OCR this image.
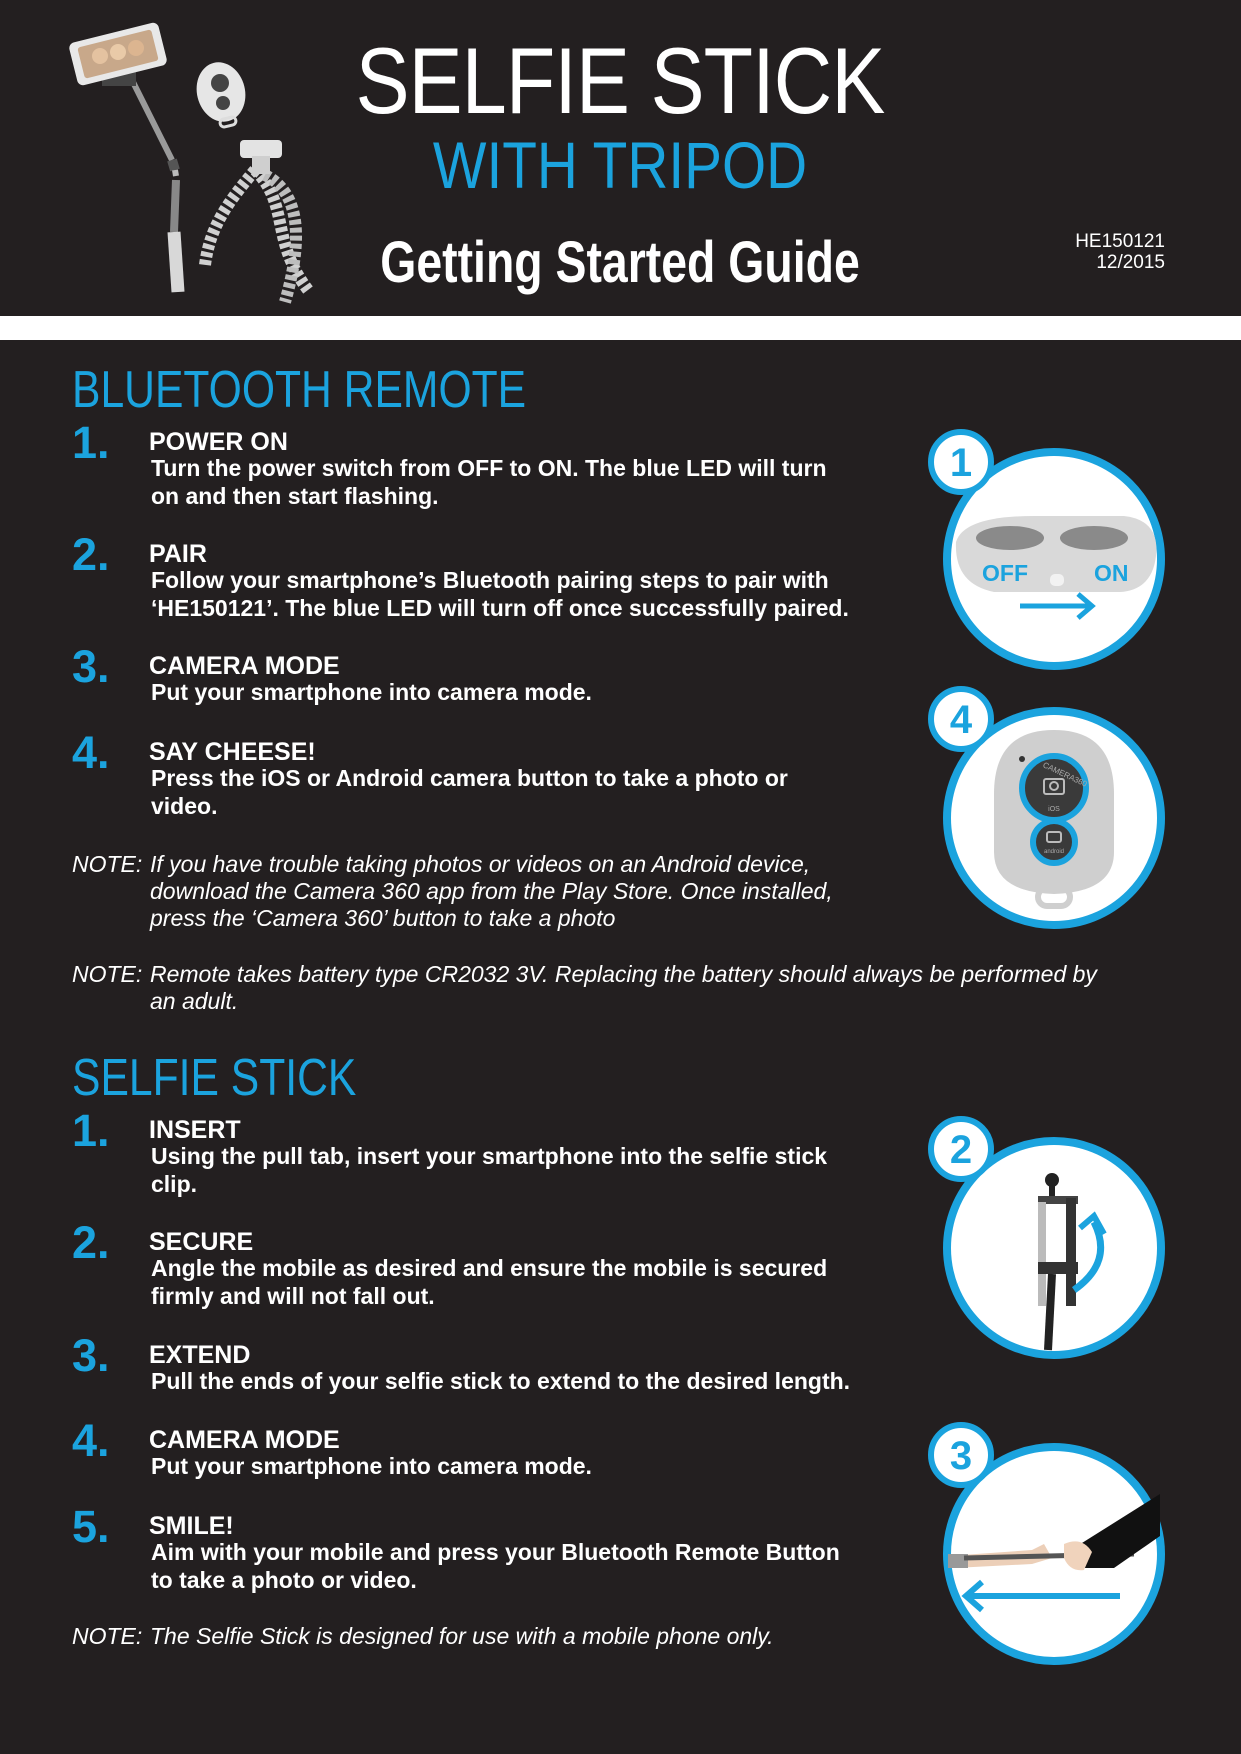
SELFIE STICK
WITH TRIPOD
Getting Started Guide	HE150121
12/2015
BLUETOOTH REMOTE
1. POWER ON
Turn the power switch from OFF to ON. The blue LED will turn
on and then start flashing.
2. PAIR
Follow your smartphone’s Bluetooth pairing steps to pair with
‘HE150121’. The blue LED will turn off once successfully paired.
3. CAMERA MODE
Put your smartphone into camera mode.
4. SAY CHEESE!
Press the iOS or Android camera button to take a photo or
video.
NOTE: If you have trouble taking photos or videos on an Android device,
download the Camera 360 app from the Play Store. Once installed,
press the ‘Camera 360’ button to take a photo
NOTE: Remote takes battery type CR2032 3V. Replacing the battery should always be performed by
an adult.
SELFIE STICK
1. INSERT
Using the pull tab, insert your smartphone into the selfie stick
clip.
2. SECURE
Angle the mobile as desired and ensure the mobile is secured
firmly and will not fall out.
3. EXTEND
Pull the ends of your selfie stick to extend to the desired length.
4. CAMERA MODE
Put your smartphone into camera mode.
5. SMILE!
Aim with your mobile and press your Bluetooth Remote Button
to take a photo or video.
NOTE: The Selfie Stick is designed for use with a mobile phone only.
OFF	ON
1
CAMERA360
iOS
android
4
2
3
